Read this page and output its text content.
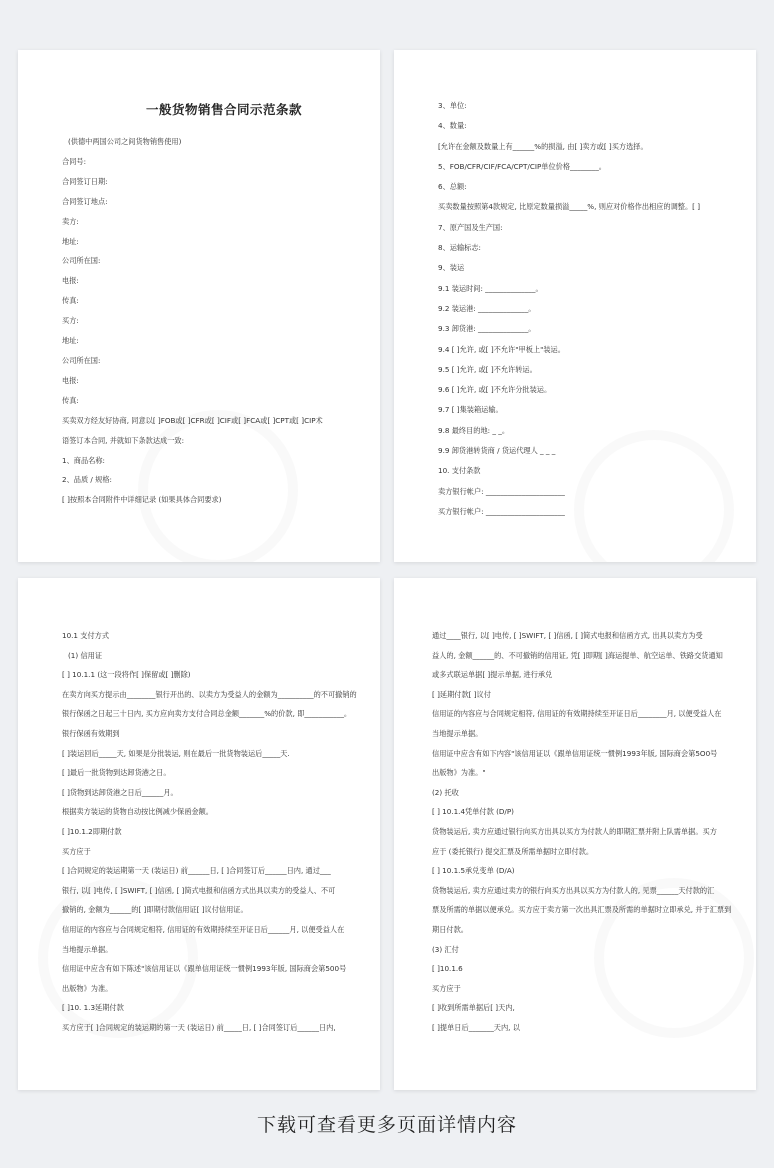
一般货物销售合同示范条款
(供德中两国公司之间货物销售使用)
合同号:
合同签订日期:
合同签订地点:
卖方:
地址:
公司所在国:
电报:
传真:
买方:
地址:
公司所在国:
电报:
传真:
买卖双方经友好协商, 同意以[ ]FOB或[ ]CFR或[ ]CIF或[ ]FCA或[ ]CPT或[ ]CIP术
语签订本合同, 并就如下条款达成一致:
1、商品名称:
2、品质 / 规格:
[ ]按照本合同附件中详细记录 (如果具体合同要求)
3、单位:
4、数量:
[允许在金额及数量上有______%的损溢, 由[ ]卖方或[ ]买方选择。
5、FOB/CFR/CIF/FCA/CPT/CIP单位价格________。
6、总额:
买卖数量按照第4款规定, 比原定数量损溢_____%, 则应对价格作出相应的调整。[ ]
7、原产国及生产国:
8、运输标志:
9、装运
9.1 装运时间: ______________。
9.2 装运港: ______________。
9.3 卸货港: ______________。
9.4 [ ]允许, 或[ ]不允许"甲板上"装运。
9.5 [ ]允许, 或[ ]不允许转运。
9.6 [ ]允许, 或[ ]不允许分批装运。
9.7 [ ]集装箱运输。
9.8 最终目的地: _ _。
9.9 卸货港转货商 / 货运代理人 _ _ _
10. 支付条款
卖方银行帐户: ______________________
买方银行帐户: ______________________
10.1 支付方式
(1) 信用证
[ ] 10.1.1 (这一段将作[ ]保留或[ ]删除)
在卖方向买方提示由________银行开出的、以卖方为受益人的金额为__________的不可撤销的
银行保函之日起三十日内, 买方应向卖方支付合同总金额_______%的价款, 即___________。
银行保函有效期到
[ ]装运回后_____天, 如果是分批装运, 则在最后一批货物装运后_____天.
[ ]最后一批货物到达卸货港之日。
[ ]货物到达卸货港之日后______月。
根据卖方装运的货物自动按比例减少保函金额。
[ ]10.1.2即期付款
买方应于
[ ]合同规定的装运期第一天 (装运日) 前______日, [ ]合同签订后______日内, 通过___
银行, 以[ ]电传, [ ]SWIFT, [ ]信函, [ ]简式电报和信函方式出具以卖方的受益人、不可
撤销的, 金额为______的[ ]即期付款信用证[ ]议付信用证。
信用证的内容应与合同规定相符, 信用证的有效期持续至开证日后______月, 以便受益人在
当地提示单据。
信用证中应含有如下陈述"该信用证以《跟单信用证统一惯例1993年版, 国际商会第500号
出版物》为准。
[ ]10. 1.3延期付款
买方应于[ ]合同规定的装运期的第一天 (装运日) 前_____日, [ ]合同签订后______日内,
通过____银行, 以[ ]电传, [ ]SWIFT, [ ]信函, [ ]简式电报和信函方式, 出具以卖方为受
益人的, 金额______的、不可撤销的信用证, 凭[ ]即期[ ]海运提单、航空运单、铁路交货通知
或多式联运单据[ ]提示单据, 进行承兑
[ ]延期付款[ ]议付
信用证的内容应与合同规定相符, 信用证的有效期持续至开证日后________月, 以便受益人在
当地提示单据。
信用证中应含有如下内容"该信用证以《跟单信用证统一惯例1993年版, 国际商会第5O0号
出版物》为准。"
(2) 托收
[ ] 10.1.4凭单付款 (D/P)
货物装运后, 卖方应通过银行向买方出具以买方为付款人的即期汇票并附上队需单据。买方
应于 (委托银行) 提交汇票及所需单据时立即付款。
[ ] 10.1.5承兑变单 (D/A)
货物装运后, 卖方应通过卖方的银行向买方出具以买方为付款人的, 见票______天付款的汇
票及所需的单据以便承兑。买方应于卖方第一次出具汇票及所需的单据时立即承兑, 并于汇票到
期日付款。
(3) 汇付
[ ]10.1.6
买方应于
[ ]收到所需单据后[ ]天内,
[ ]提单日后_______天内, 以
下载可查看更多页面详情内容
